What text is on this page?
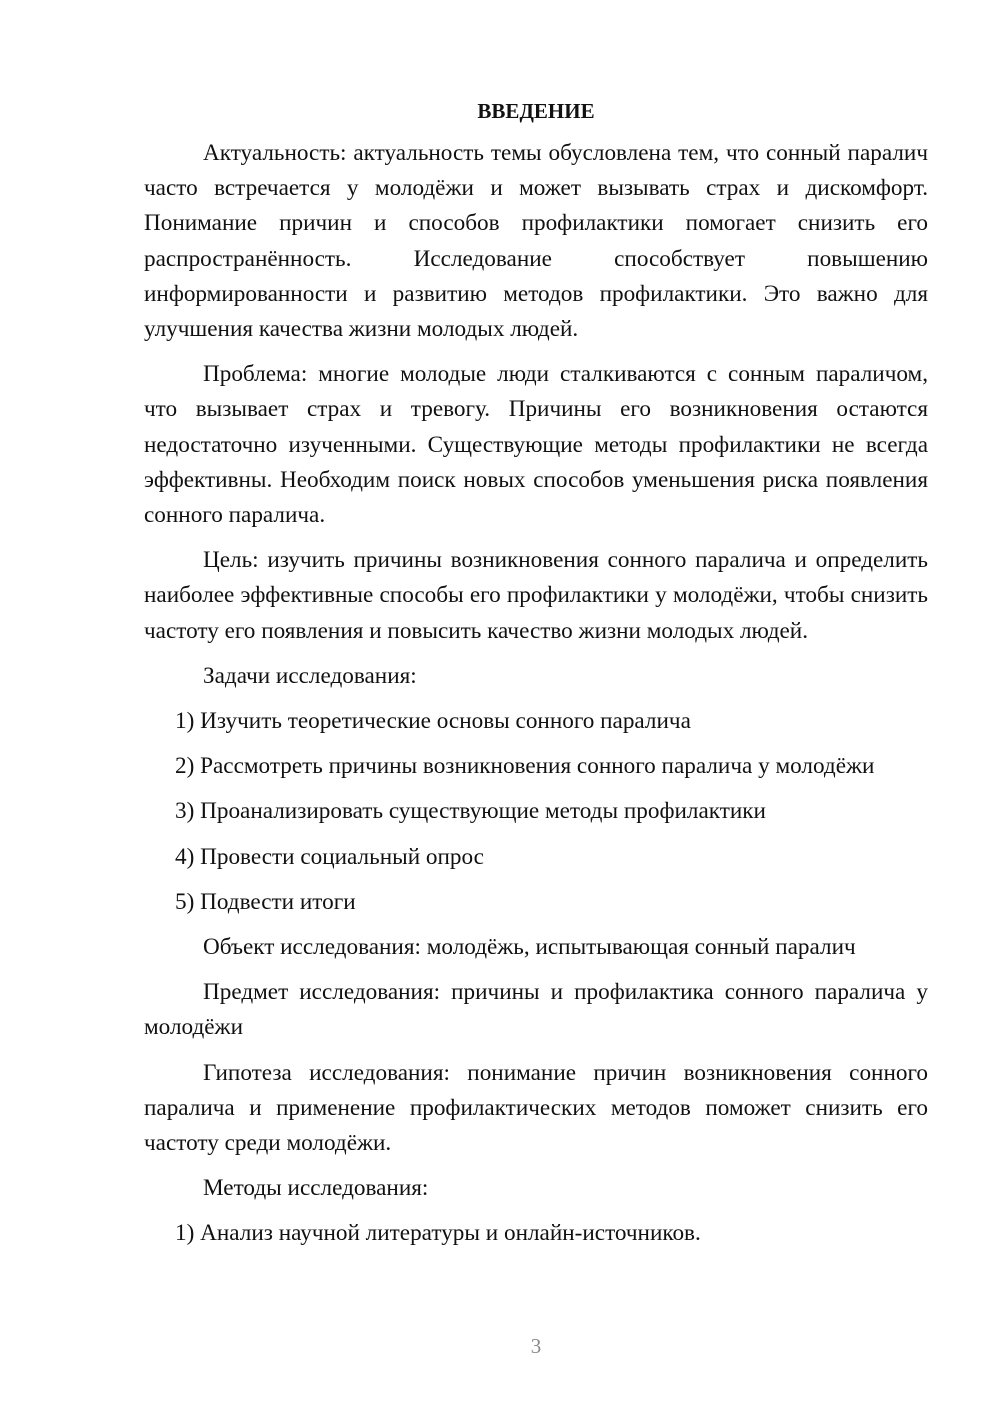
ВВЕДЕНИЕ

Актуальность: актуальность темы обусловлена тем, что сонный паралич часто встречается у молодёжи и может вызывать страх и дискомфорт. Понимание причин и способов профилактики помогает снизить его распространённость. Исследование способствует повышению информированности и развитию методов профилактики. Это важно для улучшения качества жизни молодых людей.

Проблема: многие молодые люди сталкиваются с сонным параличом, что вызывает страх и тревогу. Причины его возникновения остаются недостаточно изученными. Существующие методы профилактики не всегда эффективны. Необходим поиск новых способов уменьшения риска появления сонного паралича.

Цель: изучить причины возникновения сонного паралича и определить наиболее эффективные способы его профилактики у молодёжи, чтобы снизить частоту его появления и повысить качество жизни молодых людей.

Задачи исследования:

1) Изучить теоретические основы сонного паралича

2) Рассмотреть причины возникновения сонного паралича у молодёжи

3) Проанализировать существующие методы профилактики

4) Провести социальный опрос

5) Подвести итоги

Объект исследования: молодёжь, испытывающая сонный паралич

Предмет исследования: причины и профилактика сонного паралича у молодёжи

Гипотеза исследования: понимание причин возникновения сонного паралича и применение профилактических методов поможет снизить его частоту среди молодёжи.

Методы исследования:

1) Анализ научной литературы и онлайн-источников.

3
